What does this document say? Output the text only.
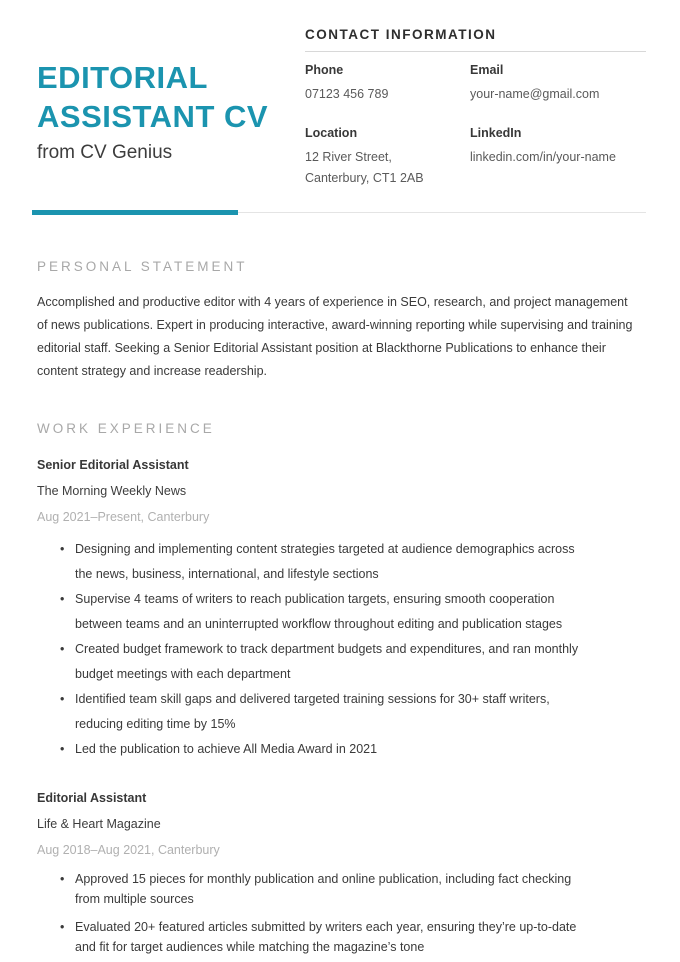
EDITORIAL
ASSISTANT CV
from CV Genius
CONTACT INFORMATION
Phone
07123 456 789
Email
your-name@gmail.com
Location
12 River Street,
Canterbury, CT1 2AB
LinkedIn
linkedin.com/in/your-name
PERSONAL STATEMENT

Accomplished and productive editor with 4 years of experience in SEO, research, and project management of news publications. Expert in producing interactive, award-winning reporting while supervising and training editorial staff. Seeking a Senior Editorial Assistant position at Blackthorne Publications to enhance their content strategy and increase readership.

WORK EXPERIENCE
Senior Editorial Assistant
The Morning Weekly News
Aug 2021–Present, Canterbury
• Designing and implementing content strategies targeted at audience demographics across the news, business, international, and lifestyle sections
• Supervise 4 teams of writers to reach publication targets, ensuring smooth cooperation between teams and an uninterrupted workflow throughout editing and publication stages
• Created budget framework to track department budgets and expenditures, and ran monthly budget meetings with each department
• Identified team skill gaps and delivered targeted training sessions for 30+ staff writers, reducing editing time by 15%
• Led the publication to achieve All Media Award in 2021
Editorial Assistant
Life & Heart Magazine
Aug 2018–Aug 2021, Canterbury
• Approved 15 pieces for monthly publication and online publication, including fact checking from multiple sources
• Evaluated 20+ featured articles submitted by writers each year, ensuring they’re up-to-date and fit for target audiences while matching the magazine’s tone
